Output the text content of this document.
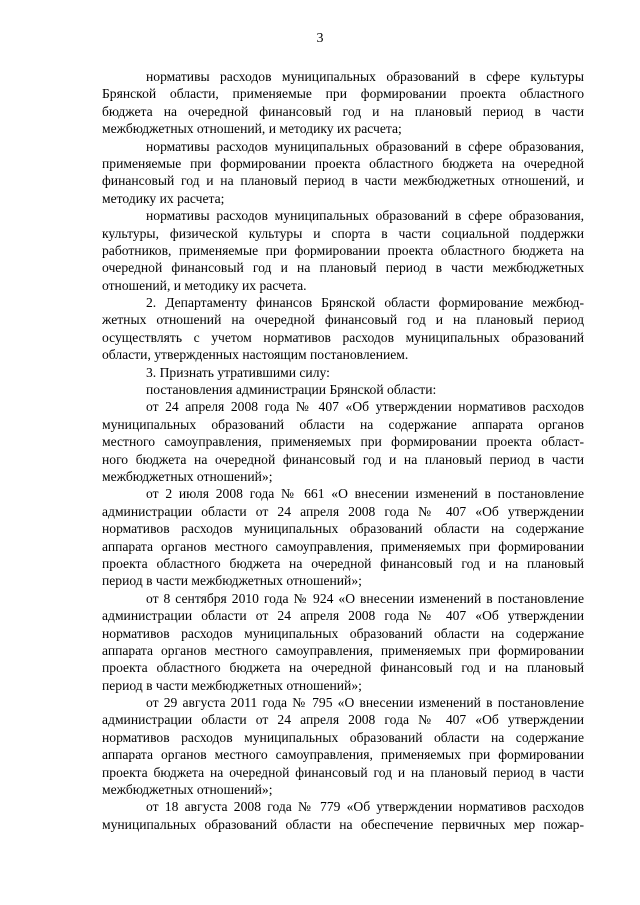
3
нормативы расходов муниципальных образований в сфере культуры
Брянской области, применяемые при формировании проекта областного
бюджета на очередной финансовый год и на плановый период в части
межбюджетных отношений, и методику их расчета;
нормативы расходов муниципальных образований в сфере образования,
применяемые при формировании проекта областного бюджета на очередной
финансовый год и на плановый период в части межбюджетных отношений, и
методику их расчета;
нормативы расходов муниципальных образований в сфере образования,
культуры, физической культуры и спорта в части социальной поддержки
работников, применяемые при формировании проекта областного бюджета на
очередной финансовый год и на плановый период в части межбюджетных
отношений, и методику их расчета.
2. Департаменту финансов Брянской области формирование межбюд-
жетных отношений на очередной финансовый год и на плановый период
осуществлять с учетом нормативов расходов муниципальных образований
области, утвержденных настоящим постановлением.
3. Признать утратившими силу:
постановления администрации Брянской области:
от 24 апреля 2008 года № 407 «Об утверждении нормативов расходов
муниципальных образований области на содержание аппарата органов
местного самоуправления, применяемых при формировании проекта област-
ного бюджета на очередной финансовый год и на плановый период в части
межбюджетных отношений»;
от 2 июля 2008 года № 661 «О внесении изменений в постановление
администрации области от 24 апреля 2008 года № 407 «Об утверждении
нормативов расходов муниципальных образований области на содержание
аппарата органов местного самоуправления, применяемых при формировании
проекта областного бюджета на очередной финансовый год и на плановый
период в части межбюджетных отношений»;
от 8 сентября 2010 года № 924 «О внесении изменений в постановление
администрации области от 24 апреля 2008 года № 407 «Об утверждении
нормативов расходов муниципальных образований области на содержание
аппарата органов местного самоуправления, применяемых при формировании
проекта областного бюджета на очередной финансовый год и на плановый
период в части межбюджетных отношений»;
от 29 августа 2011 года № 795 «О внесении изменений в постановление
администрации области от 24 апреля 2008 года № 407 «Об утверждении
нормативов расходов муниципальных образований области на содержание
аппарата органов местного самоуправления, применяемых при формировании
проекта бюджета на очередной финансовый год и на плановый период в части
межбюджетных отношений»;
от 18 августа 2008 года № 779 «Об утверждении нормативов расходов
муниципальных образований области на обеспечение первичных мер пожар-
